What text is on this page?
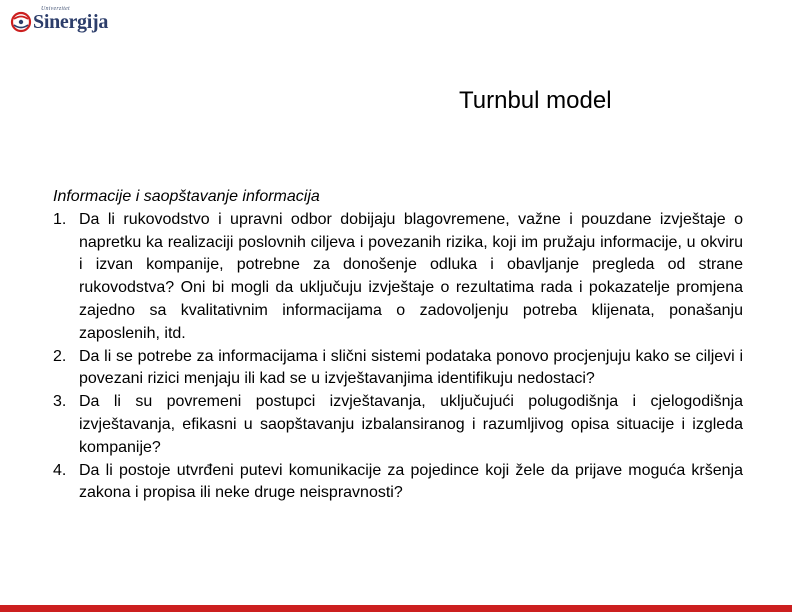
Univerzitet
Sinergija
Turnbul model
Informacije i saopštavanje informacija
1. Da li rukovodstvo i upravni odbor dobijaju blagovremene, važne i pouzdane izvještaje o napretku ka realizaciji poslovnih ciljeva i povezanih rizika, koji im pružaju informacije, u okviru i izvan kompanije, potrebne za donošenje odluka i obavljanje pregleda od strane rukovodstva? Oni bi mogli da uključuju izvještaje o rezultatima rada i pokazatelje promjena zajedno sa kvalitativnim informacijama o zadovoljenju potreba klijenata, ponašanju zaposlenih, itd.
2. Da li se potrebe za informacijama i slični sistemi podataka ponovo procjenjuju kako se ciljevi i povezani rizici menjaju ili kad se u izvještavanjima identifikuju nedostaci?
3. Da li su povremeni postupci izvještavanja, uključujući polugodišnja i cjelogodišnja izvještavanja, efikasni u saopštavanju izbalansiranog i razumljivog opisa situacije i izgleda kompanije?
4. Da li postoje utvrđeni putevi komunikacije za pojedince koji žele da prijave moguća kršenja zakona i propisa ili neke druge neispravnosti?
